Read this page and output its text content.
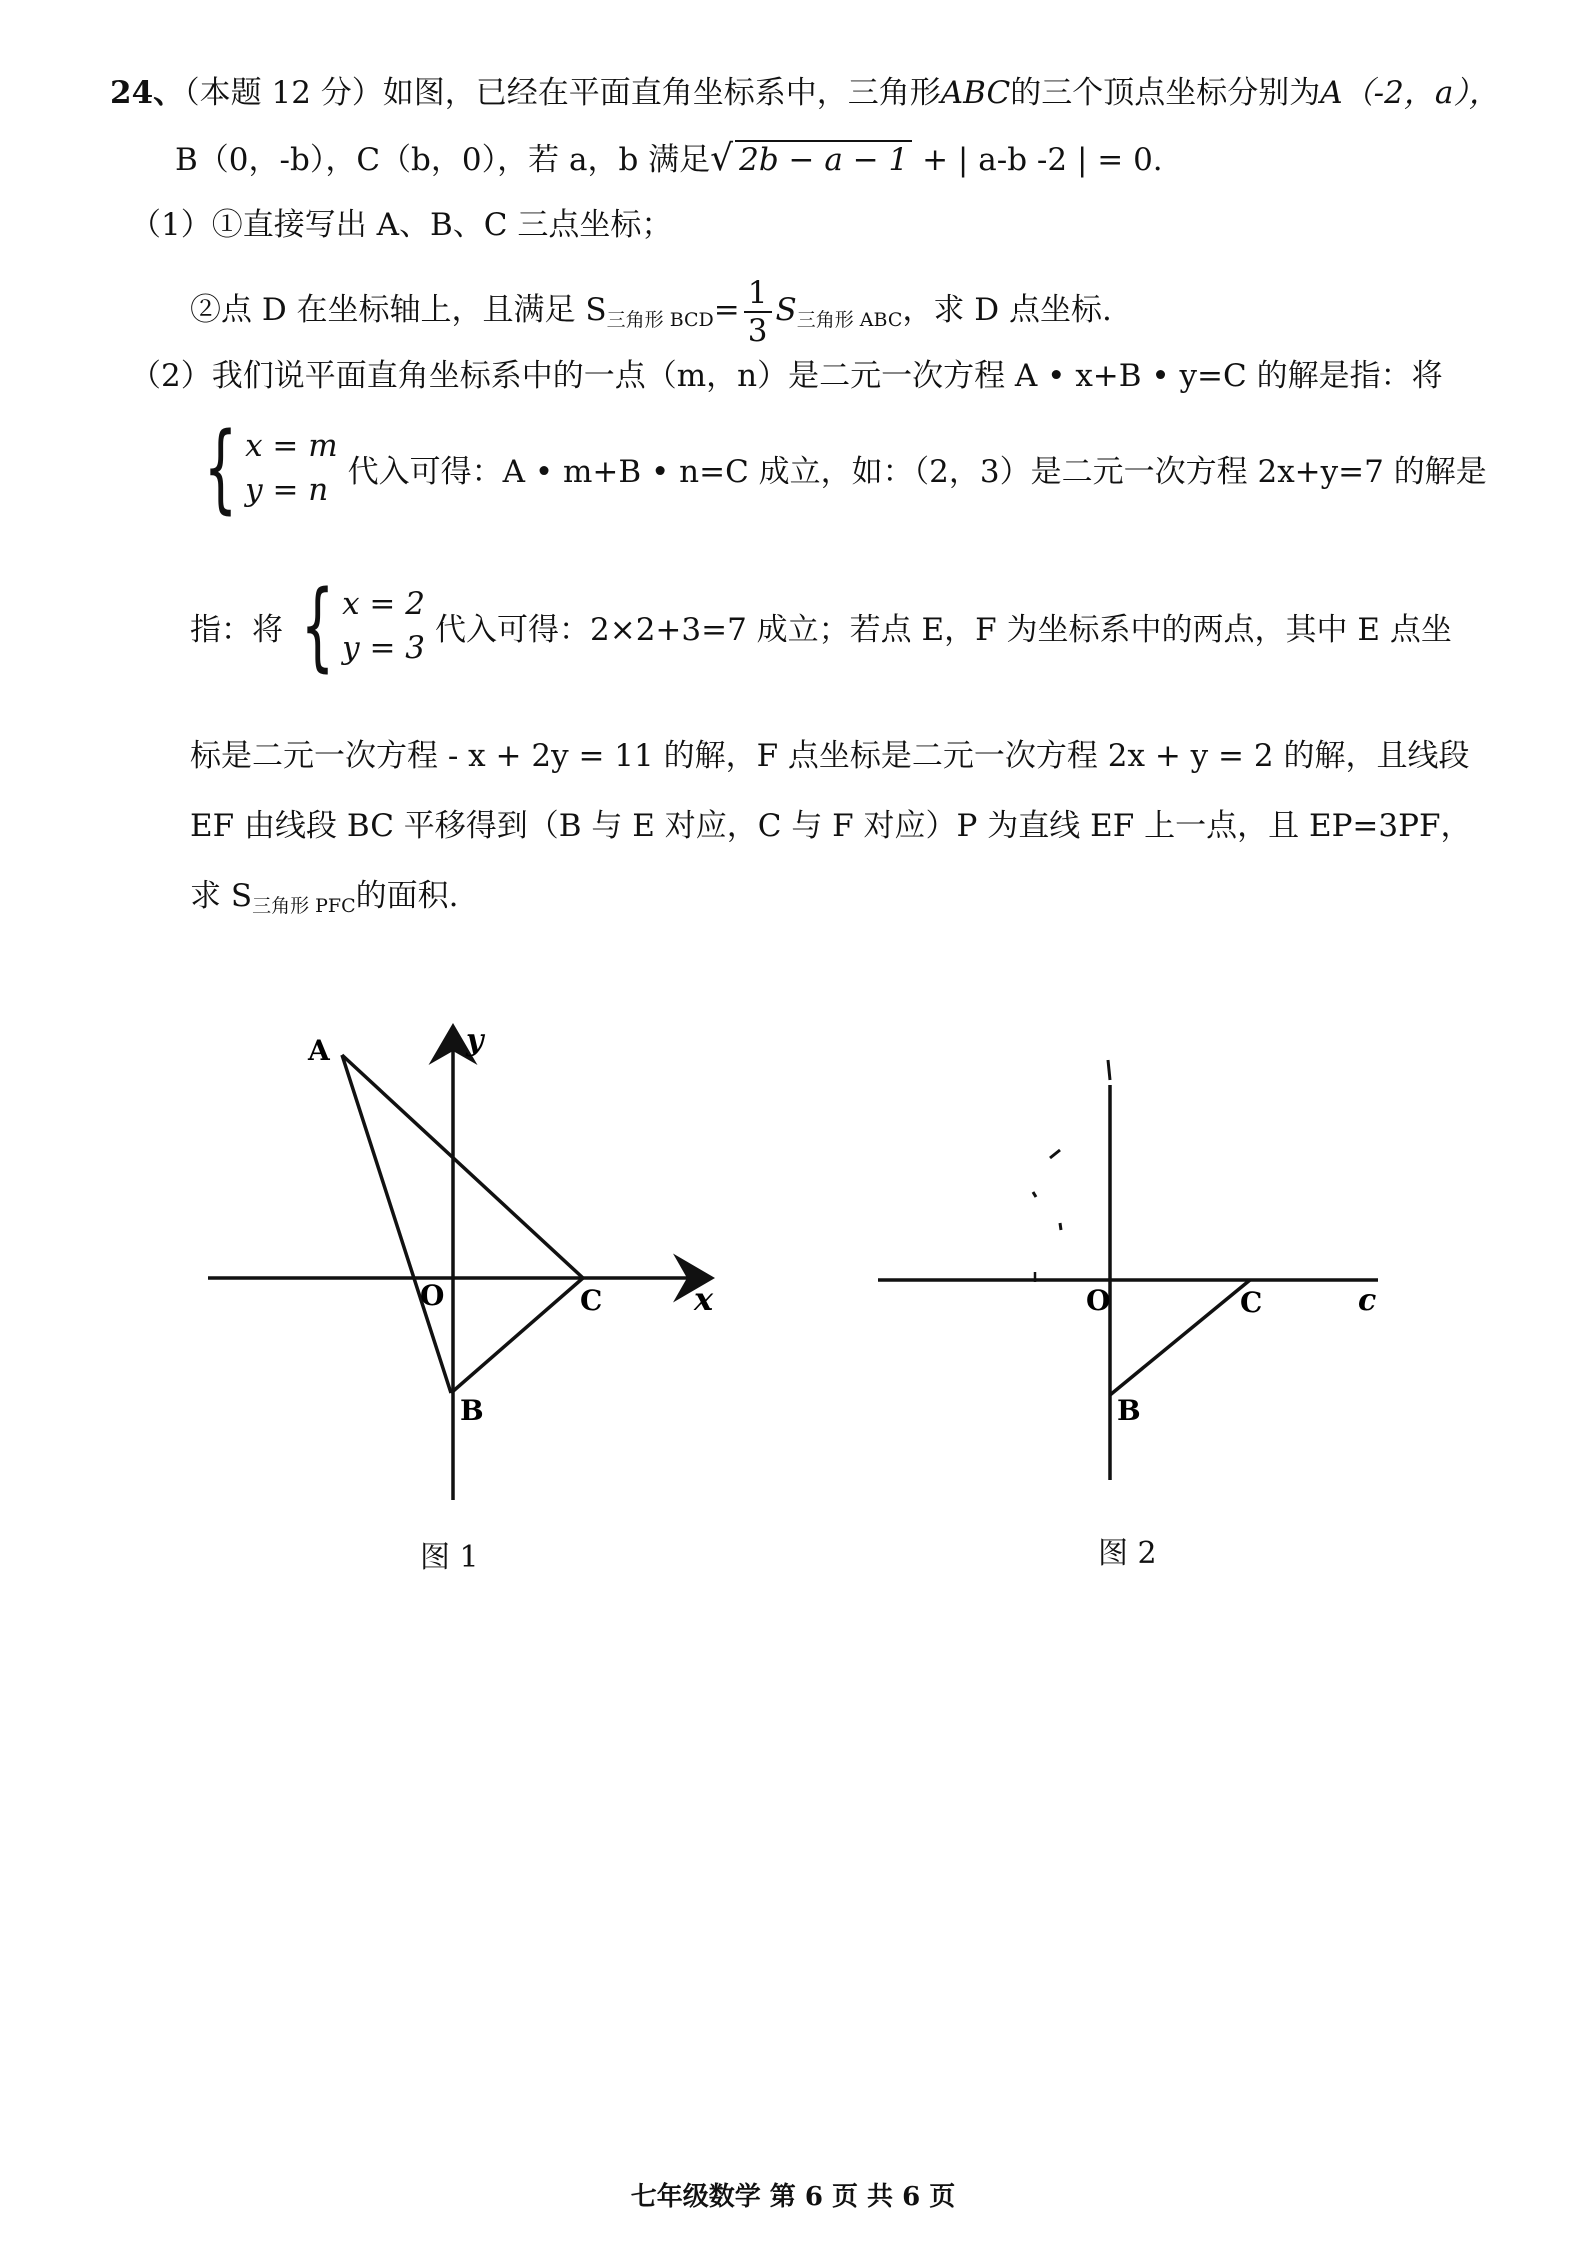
24、（本题 12 分）如图，已经在平面直角坐标系中，三角形ABC的三个顶点坐标分别为A（-2，a），
B（0，-b），C（b，0），若 a，b 满足√ 2b − a − 1 + | a-b -2 | = 0.
（1）①直接写出 A、B、C 三点坐标；
②点 D 在坐标轴上，且满足 $S_{三角形 BCD}= \frac{1}{3} S_{三角形 ABC}$，求 D 点坐标.
（2）我们说平面直角坐标系中的一点（m，n）是二元一次方程 A • x+B • y=C 的解是指：将
{ x = m
y = n
代入可得：A • m+B • n=C 成立，如：（2，3）是二元一次方程 2x+y=7 的解是
指：将 { x = 2
y = 3
代入可得：2×2+3=7 成立；若点 E，F 为坐标系中的两点，其中 E 点坐
标是二元一次方程 - x + 2y = 11 的解，F 点坐标是二元一次方程 2x + y = 2 的解，且线段
EF 由线段 BC 平移得到（B 与 E 对应，C 与 F 对应）P 为直线 EF 上一点，且 EP=3PF，
求 $S_{三角形 PFC}$的面积.
A	y
O	C	x
B
O	C	c
B
图 1	图 2
七年级数学 第 6 页 共 6 页
